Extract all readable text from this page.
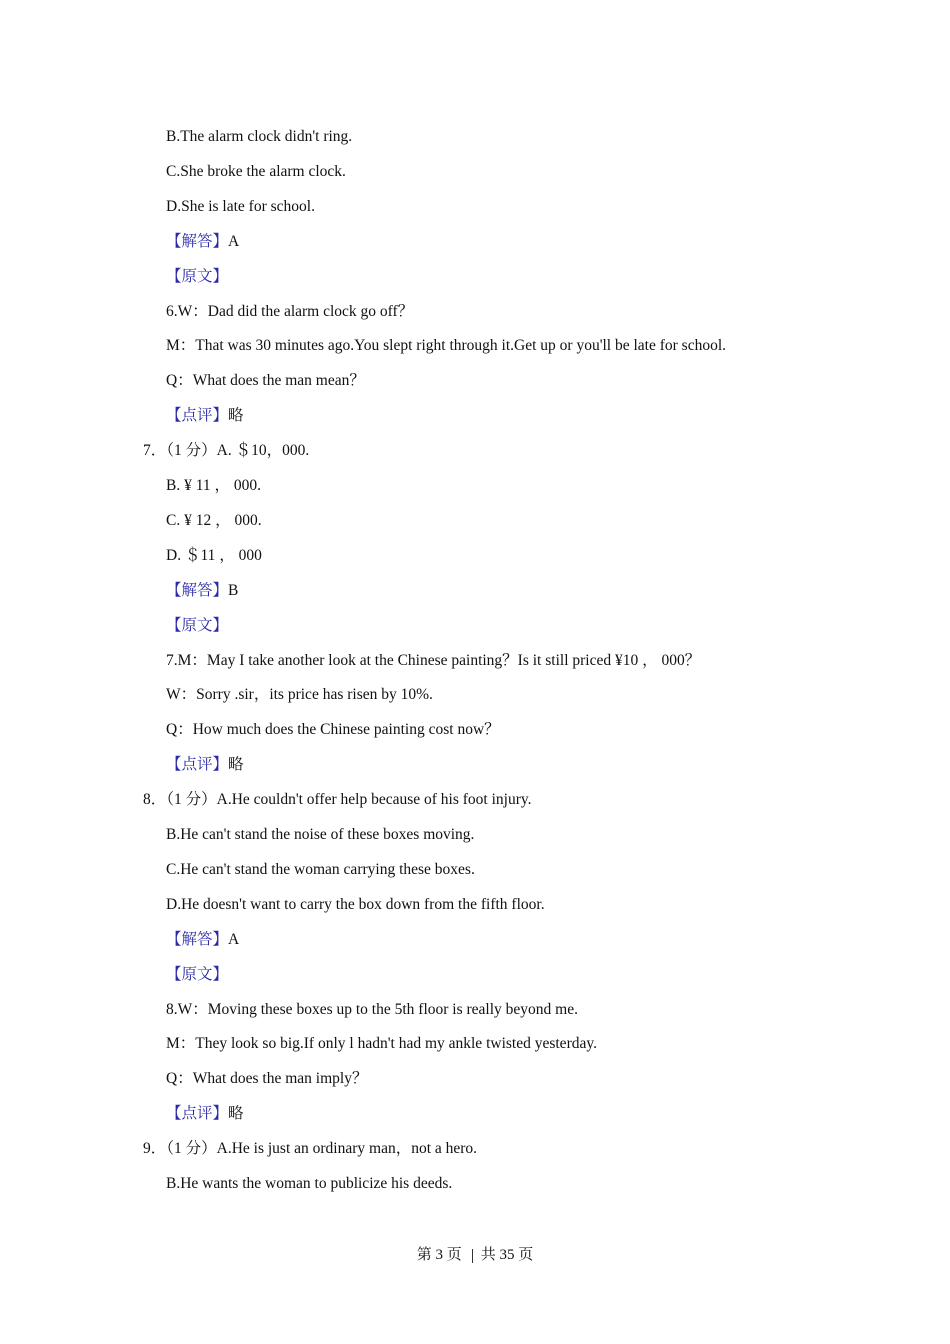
B.The alarm clock didn't ring.
C.She broke the alarm clock.
D.She is late for school.
【解答】A
【原文】
6.W：Dad did the alarm clock go off？
M：That was 30 minutes ago.You slept right through it.Get up or you'll be late for school.
Q：What does the man mean？
【点评】略
7．（1 分）A. ＄10，000.
B. ¥ 11 ， 000.
C. ¥ 12 ， 000.
D. ＄11 ， 000
【解答】B
【原文】
7.M：May I take another look at the Chinese painting？Is it still priced ¥10 ， 000？
W：Sorry .sir，its price has risen by 10%.
Q：How much does the Chinese painting cost now？
【点评】略
8．（1 分）A.He couldn't offer help because of his foot injury.
B.He can't stand the noise of these boxes moving.
C.He can't stand the woman carrying these boxes.
D.He doesn't want to carry the box down from the fifth floor.
【解答】A
【原文】
8.W：Moving these boxes up to the 5th floor is really beyond me.
M：They look so big.If only l hadn't had my ankle twisted yesterday.
Q：What does the man imply？
【点评】略
9．（1 分）A.He is just an ordinary man，not a hero.
B.He wants the woman to publicize his deeds.
第 3 页 共 35 页
